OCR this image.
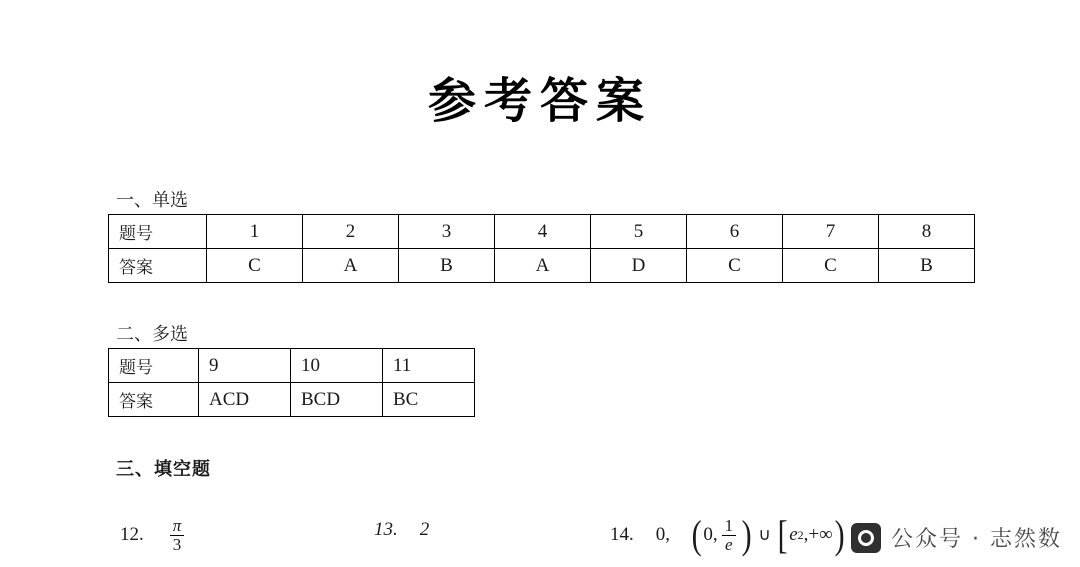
参考答案
一、单选
题号	1	2	3	4	5	6	7	8
答案	C	A	B	A	D	C	C	B
二、多选
题号	9	10	11
答案	ACD	BCD	BC
三、填空题
12. $\frac{\pi}{3}$	13. 2	14. 0, ( 0, $\frac{1}{e}$ ) ∪ [ e 2 ,+∞ ) 公众号 · 志然数
